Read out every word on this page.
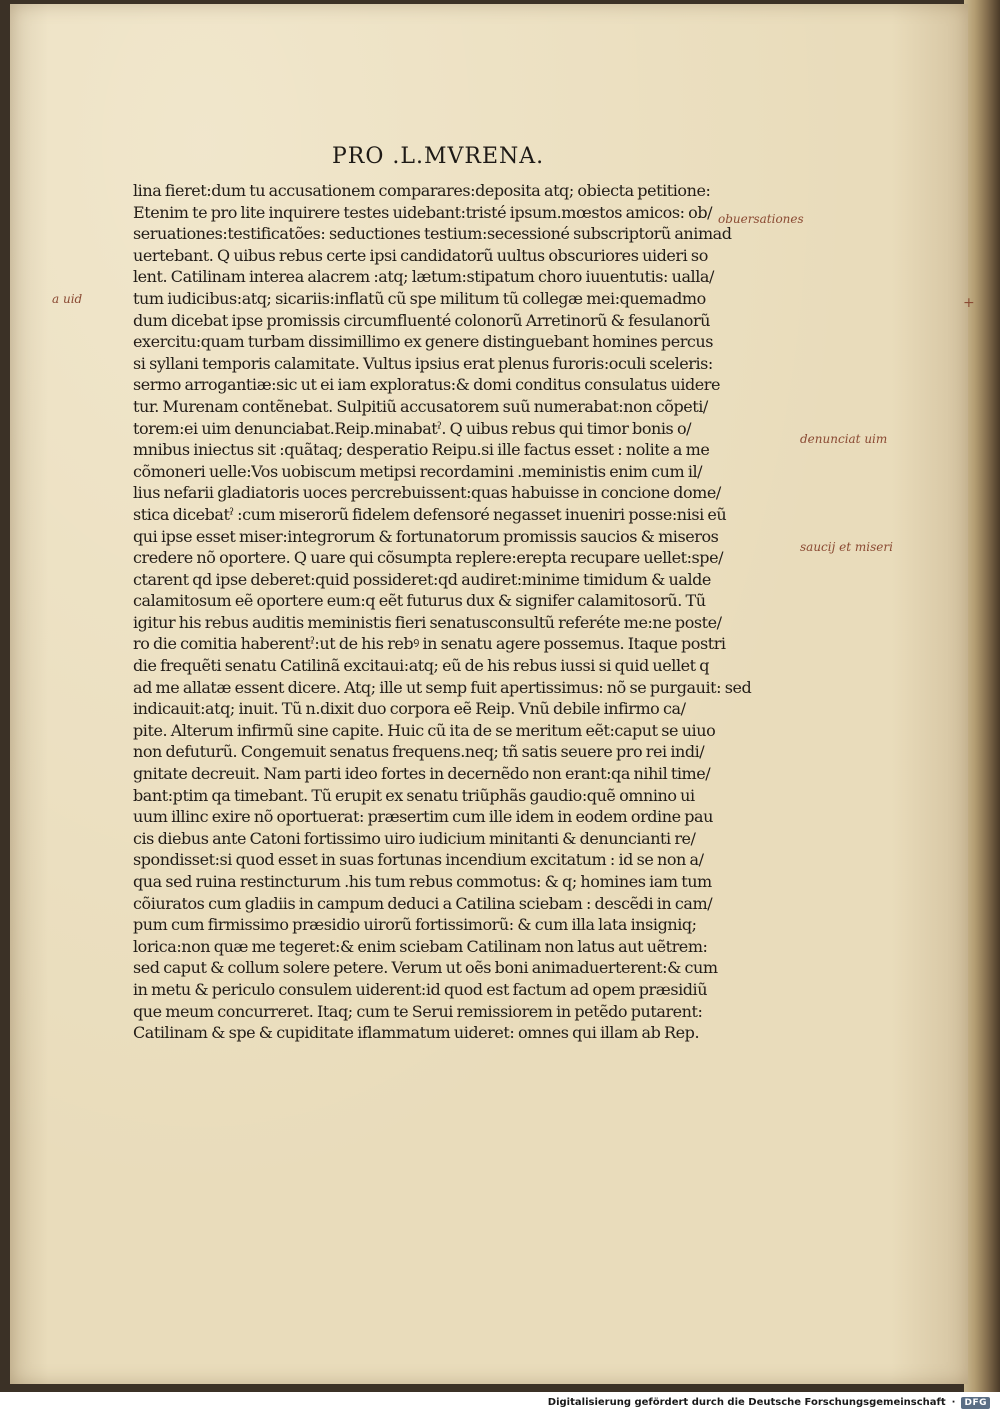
PRO .L.MVRENA.
lina fieret:dum tu accusationem comparares:deposita atq; obiecta petitione:
Etenim te pro lite inquirere testes uidebant:tristé ipsum.mœstos amicos: ob/
seruationes:testificatões: seductiones testium:secessioné subscriptorũ animad
uertebant. Q uibus rebus certe ipsi candidatorũ uultus obscuriores uideri so
lent. Catilinam interea alacrem :atq; lætum:stipatum choro iuuentutis: ualla/
tum iudicibus:atq; sicariis:inflatũ cũ spe militum tũ collegæ mei:quemadmo
dum dicebat ipse promissis circumfluenté colonorũ Arretinorũ & fesulanorũ
exercitu:quam turbam dissimillimo ex genere distinguebant homines percus
si syllani temporis calamitate. Vultus ipsius erat plenus furoris:oculi sceleris:
sermo arrogantiæ:sic ut ei iam exploratus:& domi conditus consulatus uidere
tur. Murenam contẽnebat. Sulpitiũ accusatorem suũ numerabat:non cõpeti/
torem:ei uim denunciabat.Reip.minabatˀ. Q uibus rebus qui timor bonis o/
mnibus iniectus sit :quãtaq; desperatio Reipu.si ille factus esset : nolite a me
cõmoneri uelle:Vos uobiscum metipsi recordamini .meministis enim cum il/
lius nefarii gladiatoris uoces percrebuissent:quas habuisse in concione dome/
stica dicebatˀ :cum miserorũ fidelem defensoré negasset inueniri posse:nisi eũ
qui ipse esset miser:integrorum & fortunatorum promissis saucios & miseros
credere nõ oportere. Q uare qui cõsumpta replere:erepta recupare uellet:spe/
ctarent qd ipse deberet:quid possideret:qd audiret:minime timidum & ualde
calamitosum eẽ oportere eum:q eẽt futurus dux & signifer calamitosorũ. Tũ
igitur his rebus auditis meministis fieri senatusconsultũ referéte me:ne poste/
ro die comitia haberentˀ:ut de his rebꝰ in senatu agere possemus. Itaque postri
die frequẽti senatu Catilinã excitaui:atq; eũ de his rebus iussi si quid uellet q
ad me allatæ essent dicere. Atq; ille ut semp fuit apertissimus: nõ se purgauit: sed
indicauit:atq; inuit. Tũ n.dixit duo corpora eẽ Reip. Vnũ debile infirmo ca/
pite. Alterum infirmũ sine capite. Huic cũ ita de se meritum eẽt:caput se uiuo
non defuturũ. Congemuit senatus frequens.neq; tñ satis seuere pro rei indi/
gnitate decreuit. Nam parti ideo fortes in decernẽdo non erant:qa nihil time/
bant:ptim qa timebant. Tũ erupit ex senatu triũphãs gaudio:quẽ omnino ui
uum illinc exire nõ oportuerat: præsertim cum ille idem in eodem ordine pau
cis diebus ante Catoni fortissimo uiro iudicium minitanti & denuncianti re/
spondisset:si quod esset in suas fortunas incendium excitatum : id se non a/
qua sed ruina restincturum .his tum rebus commotus: & q; homines iam tum
cõiuratos cum gladiis in campum deduci a Catilina sciebam : descẽdi in cam/
pum cum firmissimo præsidio uirorũ fortissimorũ: & cum illa lata insigniq;
lorica:non quæ me tegeret:& enim sciebam Catilinam non latus aut uẽtrem:
sed caput & collum solere petere. Verum ut oẽs boni animaduerterent:& cum
in metu & periculo consulem uiderent:id quod est factum ad opem præsidiũ
que meum concurreret. Itaq; cum te Serui remissiorem in petẽdo putarent:
Catilinam & spe & cupiditate iflammatum uideret: omnes qui illam ab Rep.
obuersationes
a uid
denunciat uim
saucij et miseri
+
Digitalisierung gefördert durch die Deutsche Forschungsgemeinschaft ·	DFG
